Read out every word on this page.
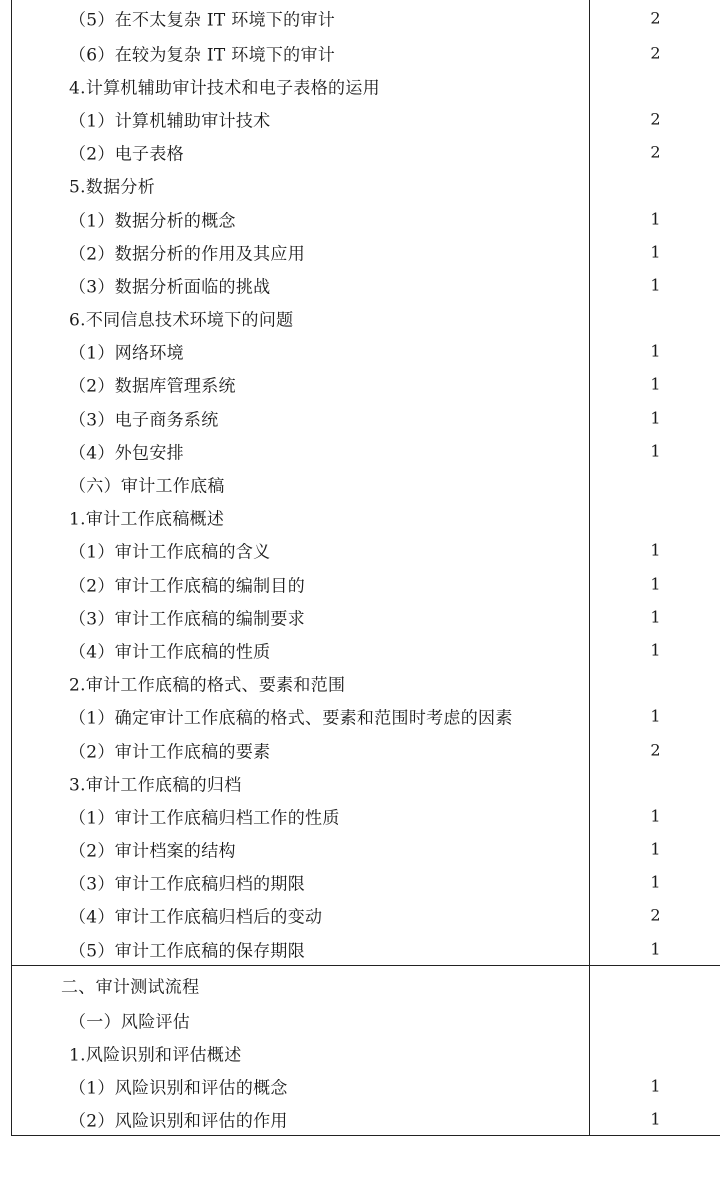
（5）在不太复杂 IT 环境下的审计	2
（6）在较为复杂 IT 环境下的审计	2
4.计算机辅助审计技术和电子表格的运用
（1）计算机辅助审计技术	2
（2）电子表格	2
5.数据分析
（1）数据分析的概念	1
（2）数据分析的作用及其应用	1
（3）数据分析面临的挑战	1
6.不同信息技术环境下的问题
（1）网络环境	1
（2）数据库管理系统	1
（3）电子商务系统	1
（4）外包安排	1
（六）审计工作底稿
1.审计工作底稿概述
（1）审计工作底稿的含义	1
（2）审计工作底稿的编制目的	1
（3）审计工作底稿的编制要求	1
（4）审计工作底稿的性质	1
2.审计工作底稿的格式、要素和范围
（1）确定审计工作底稿的格式、要素和范围时考虑的因素	1
（2）审计工作底稿的要素	2
3.审计工作底稿的归档
（1）审计工作底稿归档工作的性质	1
（2）审计档案的结构	1
（3）审计工作底稿归档的期限	1
（4）审计工作底稿归档后的变动	2
（5）审计工作底稿的保存期限	1
二、审计测试流程
（一）风险评估
1.风险识别和评估概述
（1）风险识别和评估的概念	1
（2）风险识别和评估的作用	1
